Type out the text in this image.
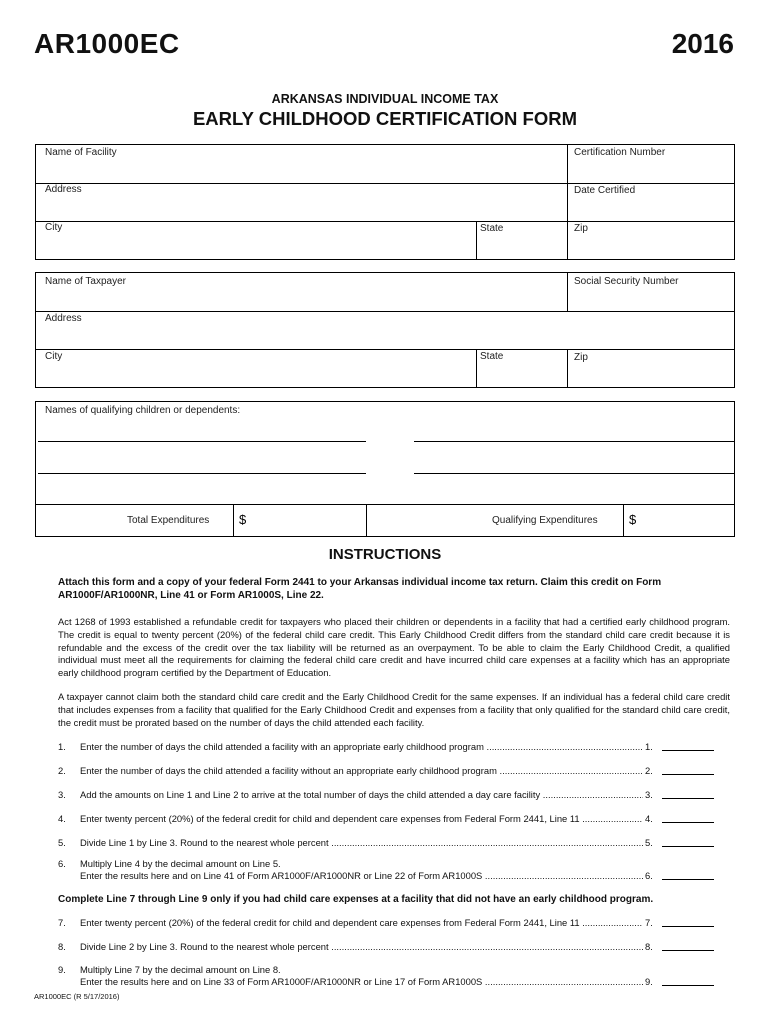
AR1000EC	2016
ARKANSAS INDIVIDUAL INCOME TAX
EARLY CHILDHOOD CERTIFICATION FORM
Name of Facility	Certification Number
Address	Date Certified
City	State	Zip
Name of Taxpayer	Social Security Number
Address
City	State	Zip
Names of qualifying children or dependents:
Total Expenditures $	Qualifying Expenditures $
INSTRUCTIONS
Attach this form and a copy of your federal Form 2441 to your Arkansas individual income tax return. Claim this credit on Form AR1000F/AR1000NR, Line 41 or Form AR1000S, Line 22.
Act 1268 of 1993 established a refundable credit for taxpayers who placed their children or dependents in a facility that had a certified early childhood program. The credit is equal to twenty percent (20%) of the federal child care credit. This Early Childhood Credit differs from the standard child care credit because it is refundable and the excess of the credit over the tax liability will be returned as an overpayment. To be able to claim the Early Childhood Credit, a qualified individual must meet all the requirements for claiming the federal child care credit and have incurred child care expenses at a facility which has an appropriate early childhood program certified by the Department of Education.
A taxpayer cannot claim both the standard child care credit and the Early Childhood Credit for the same expenses. If an individual has a federal child care credit that includes expenses from a facility that qualified for the Early Childhood Credit and expenses from a facility that only qualified for the standard child care credit, the credit must be prorated based on the number of days the child attended each facility.
1. Enter the number of days the child attended a facility with an appropriate early childhood program .....	1.
2. Enter the number of days the child attended a facility without an appropriate early childhood program .....	2.
3. Add the amounts on Line 1 and Line 2 to arrive at the total number of days the child attended a day care facility .....	3.
4. Enter twenty percent (20%) of the federal credit for child and dependent care expenses from Federal Form 2441, Line 11 .....	4.
5. Divide Line 1 by Line 3. Round to the nearest whole percent .....	5.
6. Multiply Line 4 by the decimal amount on Line 5.
Enter the results here and on Line 41 of Form AR1000F/AR1000NR or Line 22 of Form AR1000S .....	6.
Complete Line 7 through Line 9 only if you had child care expenses at a facility that did not have an early childhood program.
7. Enter twenty percent (20%) of the federal credit for child and dependent care expenses from Federal Form 2441, Line 11 .....	7.
8. Divide Line 2 by Line 3. Round to the nearest whole percent .....	8.
9. Multiply Line 7 by the decimal amount on Line 8.
Enter the results here and on Line 33 of Form AR1000F/AR1000NR or Line 17 of Form AR1000S .....	9.
AR1000EC (R 5/17/2016)
